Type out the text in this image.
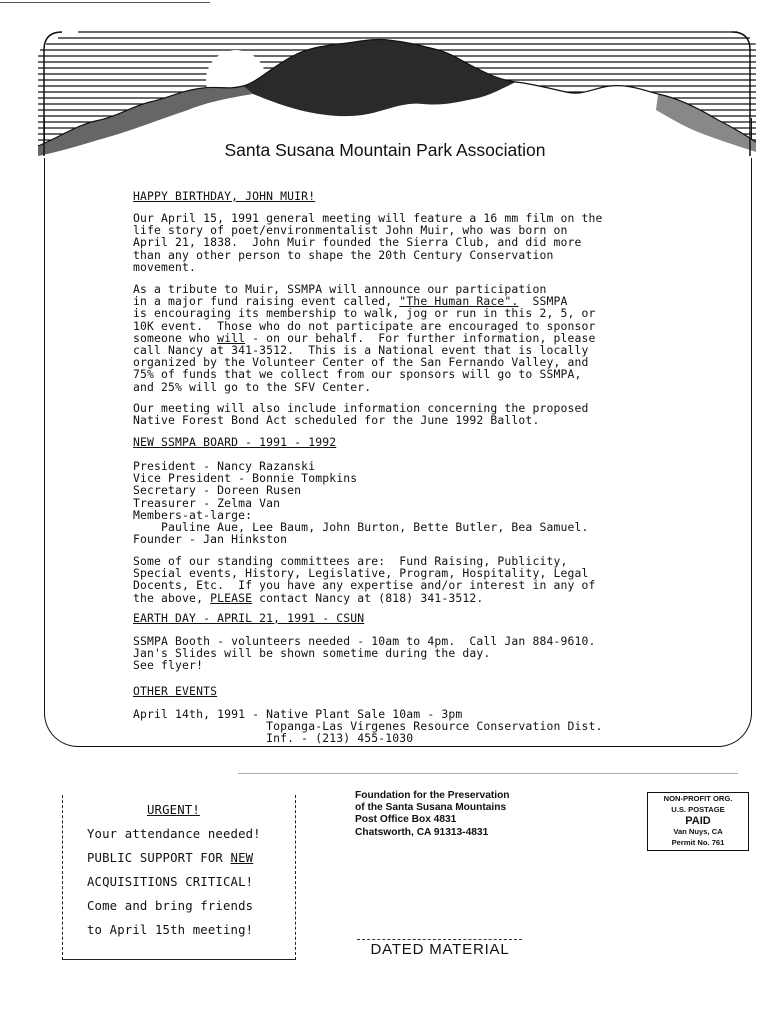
Santa Susana Mountain Park Association
HAPPY BIRTHDAY, JOHN MUIR!
Our April 15, 1991 general meeting will feature a 16 mm film on the
life story of poet/environmentalist John Muir, who was born on
April 21, 1838.  John Muir founded the Sierra Club, and did more
than any other person to shape the 20th Century Conservation
movement.
As a tribute to Muir, SSMPA will announce our participation
in a major fund raising event called, "The Human Race".  SSMPA
is encouraging its membership to walk, jog or run in this 2, 5, or
10K event.  Those who do not participate are encouraged to sponsor
someone who will - on our behalf.  For further information, please
call Nancy at 341-3512.  This is a National event that is locally
organized by the Volunteer Center of the San Fernando Valley, and
75% of funds that we collect from our sponsors will go to SSMPA,
and 25% will go to the SFV Center.
Our meeting will also include information concerning the proposed
Native Forest Bond Act scheduled for the June 1992 Ballot.
NEW SSMPA BOARD - 1991 - 1992
President - Nancy Razanski
Vice President - Bonnie Tompkins
Secretary - Doreen Rusen
Treasurer - Zelma Van
Members-at-large:
Pauline Aue, Lee Baum, John Burton, Bette Butler, Bea Samuel.
Founder - Jan Hinkston
Some of our standing committees are:  Fund Raising, Publicity,
Special events, History, Legislative, Program, Hospitality, Legal
Docents, Etc.  If you have any expertise and/or interest in any of
the above, PLEASE contact Nancy at (818) 341-3512.
EARTH DAY - APRIL 21, 1991 - CSUN
SSMPA Booth - volunteers needed - 10am to 4pm.  Call Jan 884-9610.
Jan's Slides will be shown sometime during the day.
See flyer!
OTHER EVENTS
April 14th, 1991 - Native Plant Sale 10am - 3pm
Topanga-Las Virgenes Resource Conservation Dist.
Inf. - (213) 455-1030
URGENT!
Your attendance needed!
PUBLIC SUPPORT FOR NEW
ACQUISITIONS CRITICAL!
Come and bring friends
to April 15th meeting!
Foundation for the Preservation
of the Santa Susana Mountains
Post Office Box 4831
Chatsworth, CA 91313-4831
NON-PROFIT ORG.
U.S. POSTAGE
PAID
Van Nuys, CA
Permit No. 761
DATED MATERIAL
